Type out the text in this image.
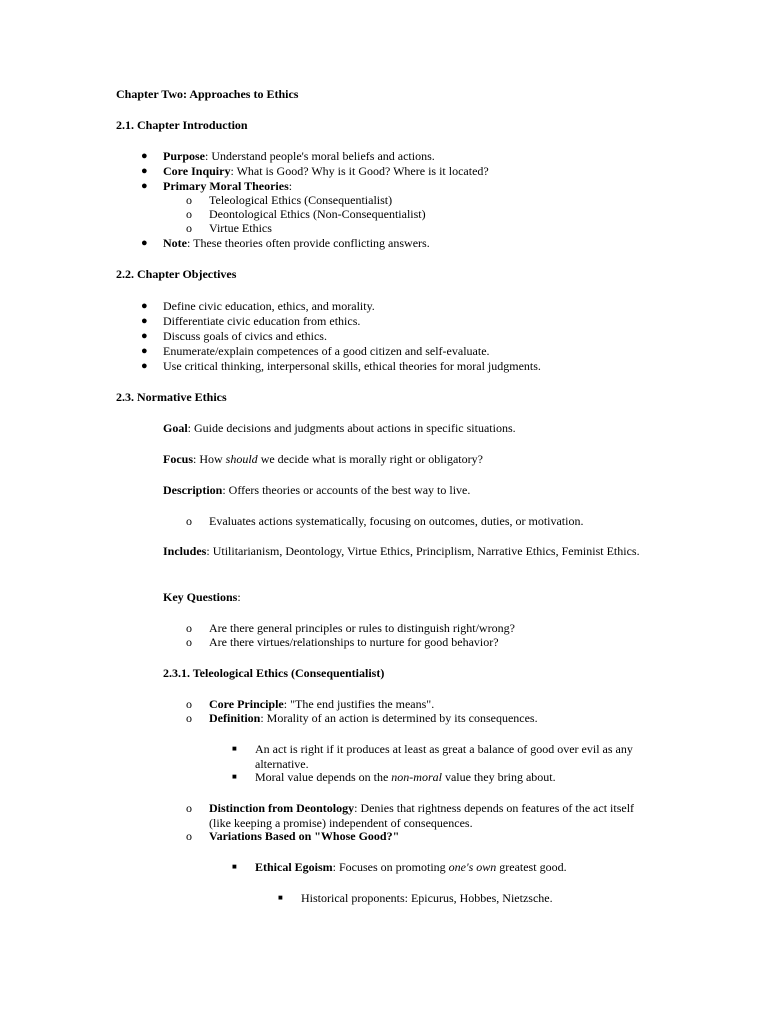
Chapter Two: Approaches to Ethics
2.1. Chapter Introduction
● Purpose: Understand people's moral beliefs and actions.
● Core Inquiry: What is Good? Why is it Good? Where is it located?
● Primary Moral Theories:
o Teleological Ethics (Consequentialist)
o Deontological Ethics (Non-Consequentialist)
o Virtue Ethics
● Note: These theories often provide conflicting answers.
2.2. Chapter Objectives
● Define civic education, ethics, and morality.
● Differentiate civic education from ethics.
● Discuss goals of civics and ethics.
● Enumerate/explain competences of a good citizen and self-evaluate.
● Use critical thinking, interpersonal skills, ethical theories for moral judgments.
2.3. Normative Ethics
Goal: Guide decisions and judgments about actions in specific situations.
Focus: How should we decide what is morally right or obligatory?
Description: Offers theories or accounts of the best way to live.
o Evaluates actions systematically, focusing on outcomes, duties, or motivation.
Includes: Utilitarianism, Deontology, Virtue Ethics, Principlism, Narrative Ethics, Feminist Ethics.
Key Questions:
o Are there general principles or rules to distinguish right/wrong?
o Are there virtues/relationships to nurture for good behavior?
2.3.1. Teleological Ethics (Consequentialist)
o Core Principle: "The end justifies the means".
o Definition: Morality of an action is determined by its consequences.
■ An act is right if it produces at least as great a balance of good over evil as any alternative.
■ Moral value depends on the non-moral value they bring about.
o Distinction from Deontology: Denies that rightness depends on features of the act itself (like keeping a promise) independent of consequences.
o Variations Based on "Whose Good?"
■ Ethical Egoism: Focuses on promoting one's own greatest good.
■ Historical proponents: Epicurus, Hobbes, Nietzsche.
